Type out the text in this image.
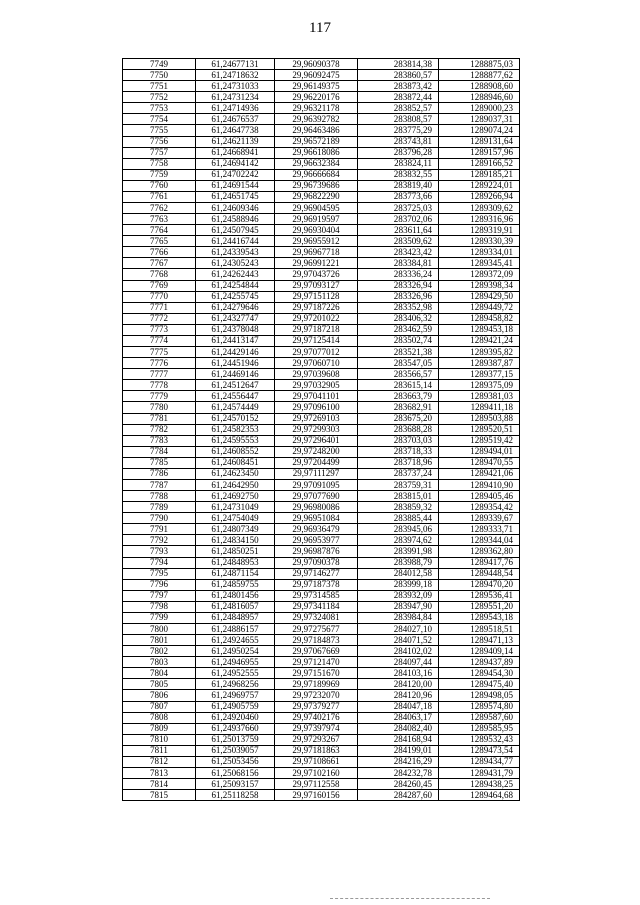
117
7749	61,24677131	29,96090378	283814,38	1288875,03
7750	61,24718632	29,96092475	283860,57	1288877,62
7751	61,24731033	29,96149375	283873,42	1288908,60
7752	61,24731234	29,96220176	283872,44	1288946,60
7753	61,24714936	29,96321178	283852,57	1289000,23
7754	61,24676537	29,96392782	283808,57	1289037,31
7755	61,24647738	29,96463486	283775,29	1289074,24
7756	61,24621139	29,96572189	283743,81	1289131,64
7757	61,24668941	29,96618086	283796,28	1289157,96
7758	61,24694142	29,96632384	283824,11	1289166,52
7759	61,24702242	29,96666684	283832,55	1289185,21
7760	61,24691544	29,96739686	283819,40	1289224,01
7761	61,24651745	29,96822290	283773,66	1289266,94
7762	61,24609346	29,96904595	283725,03	1289309,62
7763	61,24588946	29,96919597	283702,06	1289316,96
7764	61,24507945	29,96930404	283611,64	1289319,91
7765	61,24416744	29,96955912	283509,62	1289330,39
7766	61,24339543	29,96967718	283423,42	1289334,01
7767	61,24305243	29,96991221	283384,81	1289345,41
7768	61,24262443	29,97043726	283336,24	1289372,09
7769	61,24254844	29,97093127	283326,94	1289398,34
7770	61,24255745	29,97151128	283326,96	1289429,50
7771	61,24279646	29,97187226	283352,98	1289449,72
7772	61,24327747	29,97201022	283406,32	1289458,82
7773	61,24378048	29,97187218	283462,59	1289453,18
7774	61,24413147	29,97125414	283502,74	1289421,24
7775	61,24429146	29,97077012	283521,38	1289395,82
7776	61,24451946	29,97060710	283547,05	1289387,87
7777	61,24469146	29,97039608	283566,57	1289377,15
7778	61,24512647	29,97032905	283615,14	1289375,09
7779	61,24556447	29,97041101	283663,79	1289381,03
7780	61,24574449	29,97096100	283682,91	1289411,18
7781	61,24570152	29,97269103	283675,20	1289503,88
7782	61,24582353	29,97299303	283688,28	1289520,51
7783	61,24595553	29,97296401	283703,03	1289519,42
7784	61,24608552	29,97248200	283718,33	1289494,01
7785	61,24608451	29,97204499	283718,96	1289470,55
7786	61,24623450	29,97111297	283737,24	1289421,06
7787	61,24642950	29,97091095	283759,31	1289410,90
7788	61,24692750	29,97077690	283815,01	1289405,46
7789	61,24731049	29,96980086	283859,32	1289354,42
7790	61,24754049	29,96951084	283885,44	1289339,67
7791	61,24807349	29,96936479	283945,06	1289333,71
7792	61,24834150	29,96953977	283974,62	1289344,04
7793	61,24850251	29,96987876	283991,98	1289362,80
7794	61,24848953	29,97090378	283988,79	1289417,76
7795	61,24871154	29,97146277	284012,58	1289448,54
7796	61,24859755	29,97187378	283999,18	1289470,20
7797	61,24801456	29,97314585	283932,09	1289536,41
7798	61,24816057	29,97341184	283947,90	1289551,20
7799	61,24848957	29,97324081	283984,84	1289543,18
7800	61,24886157	29,97275677	284027,10	1289518,51
7801	61,24924655	29,97184873	284071,52	1289471,13
7802	61,24950254	29,97067669	284102,02	1289409,14
7803	61,24946955	29,97121470	284097,44	1289437,89
7804	61,24952555	29,97151670	284103,16	1289454,30
7805	61,24968256	29,97189969	284120,00	1289475,40
7806	61,24969757	29,97232070	284120,96	1289498,05
7807	61,24905759	29,97379277	284047,18	1289574,80
7808	61,24920460	29,97402176	284063,17	1289587,60
7809	61,24937660	29,97397974	284082,40	1289585,95
7810	61,25013759	29,97293267	284168,94	1289532,43
7811	61,25039057	29,97181863	284199,01	1289473,54
7812	61,25053456	29,97108661	284216,29	1289434,77
7813	61,25068156	29,97102160	284232,78	1289431,79
7814	61,25093157	29,97112558	284260,45	1289438,25
7815	61,25118258	29,97160156	284287,60	1289464,68
